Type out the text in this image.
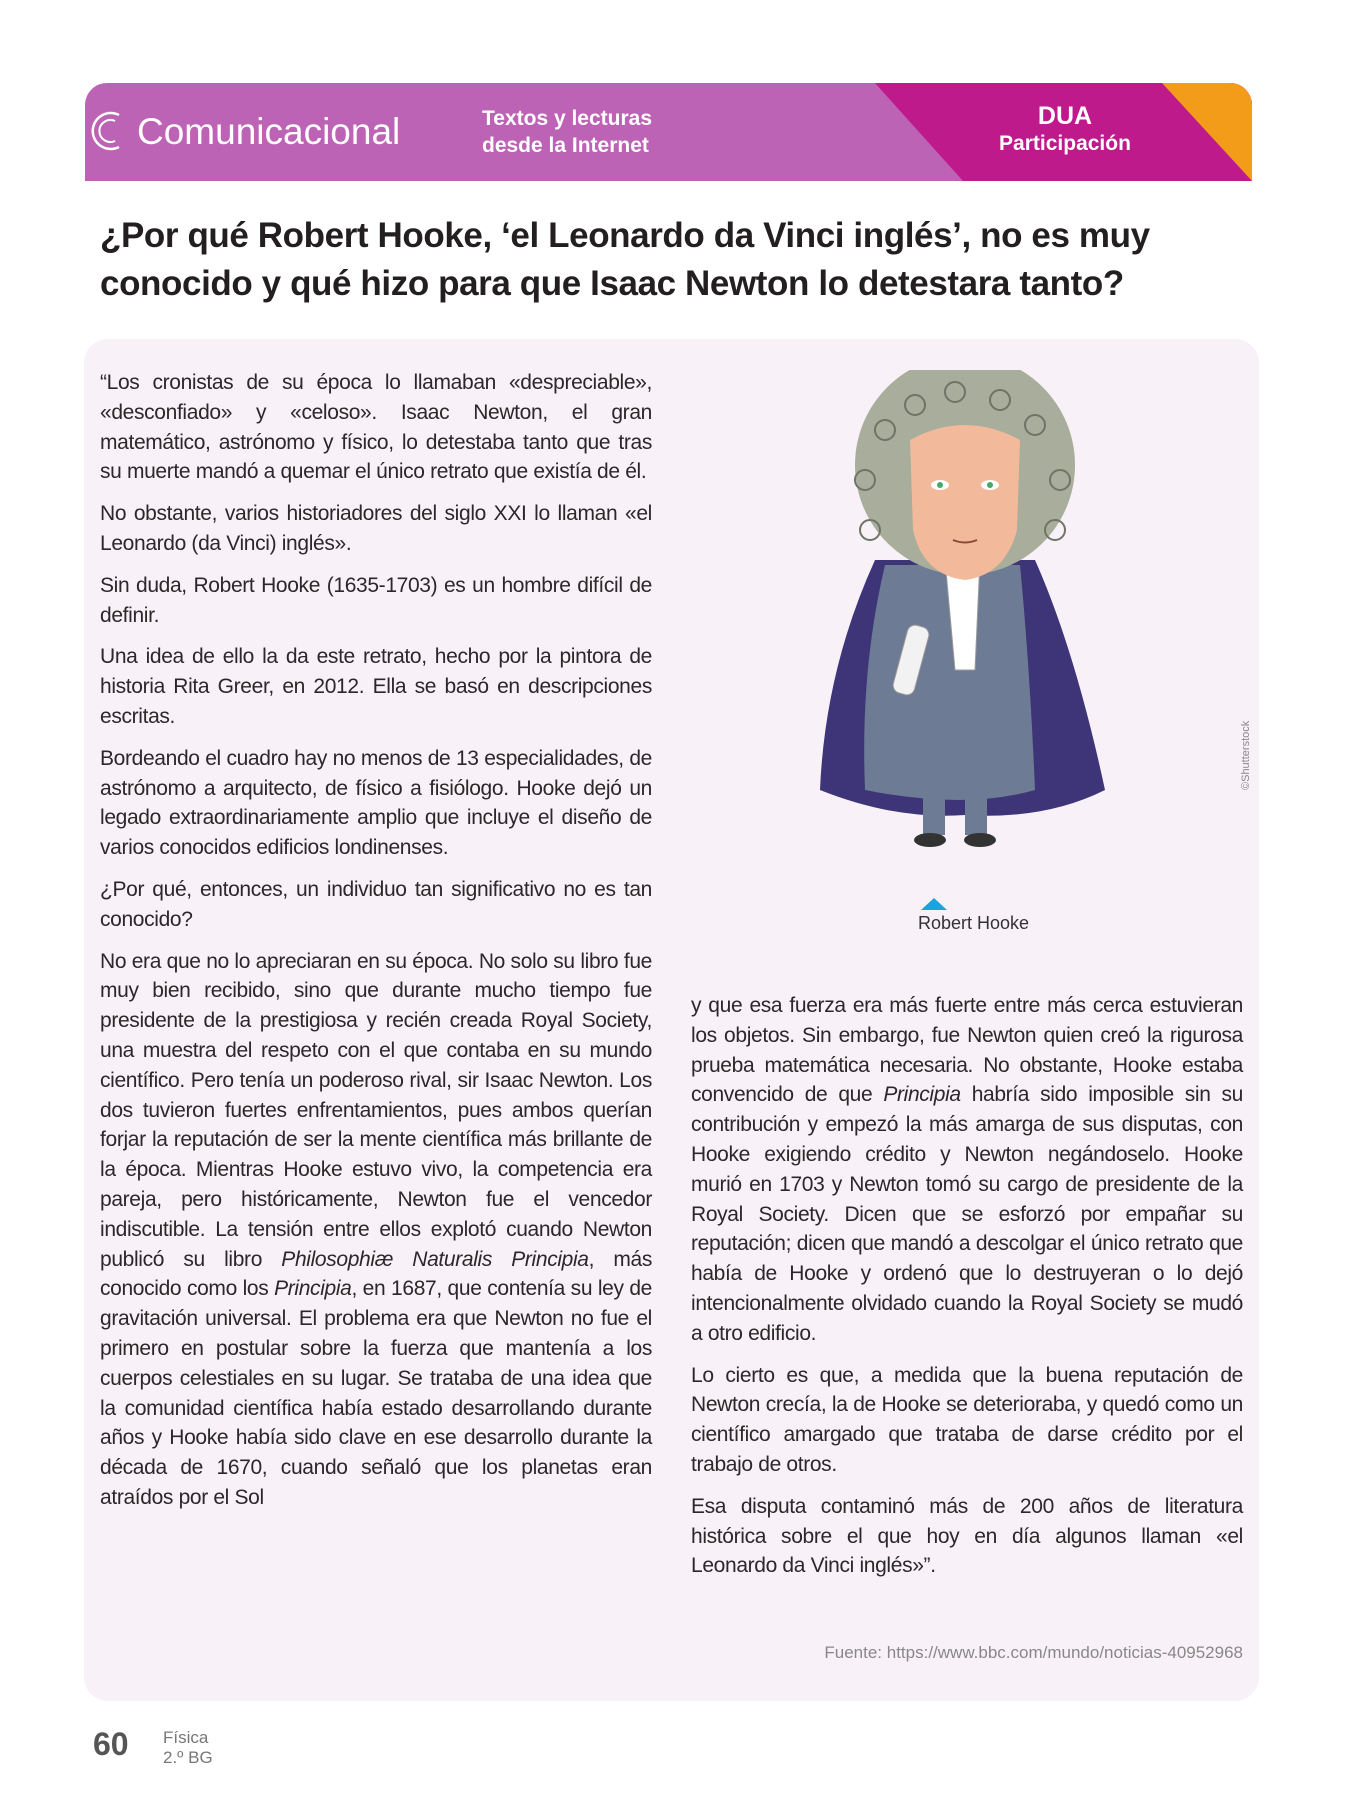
Comunicacional	Textos y lecturas
desde la Internet
DUA
Participación
¿Por qué Robert Hooke, ‘el Leonardo da Vinci inglés’, no es muy conocido y qué hizo para que Isaac Newton lo detestara tanto?

“Los cronistas de su época lo llamaban «despreciable», «desconfiado» y «celoso». Isaac Newton, el gran matemático, astrónomo y físico, lo detestaba tanto que tras su muerte mandó a quemar el único retrato que existía de él.

No obstante, varios historiadores del siglo XXI lo llaman «el Leonardo (da Vinci) inglés».

Sin duda, Robert Hooke (1635-1703) es un hombre difícil de definir.

Una idea de ello la da este retrato, hecho por la pintora de historia Rita Greer, en 2012. Ella se basó en descripciones escritas.

Bordeando el cuadro hay no menos de 13 especialidades, de astrónomo a arquitecto, de físico a fisiólogo. Hooke dejó un legado extraordinariamente amplio que incluye el diseño de varios conocidos edificios londinenses.

¿Por qué, entonces, un individuo tan significativo no es tan conocido?

No era que no lo apreciaran en su época. No solo su libro fue muy bien recibido, sino que durante mucho tiempo fue presidente de la prestigiosa y recién creada Royal Society, una muestra del respeto con el que contaba en su mundo científico. Pero tenía un poderoso rival, sir Isaac Newton. Los dos tuvieron fuertes enfrentamientos, pues ambos querían forjar la reputación de ser la mente científica más brillante de la época. Mientras Hooke estuvo vivo, la competencia era pareja, pero históricamente, Newton fue el vencedor indiscutible. La tensión entre ellos explotó cuando Newton publicó su libro Philosophiæ Naturalis Principia, más conocido como los Principia, en 1687, que contenía su ley de gravitación universal. El problema era que Newton no fue el primero en postular sobre la fuerza que mantenía a los cuerpos celestiales en su lugar. Se trataba de una idea que la comunidad científica había estado desarrollando durante años y Hooke había sido clave en ese desarrollo durante la década de 1670, cuando señaló que los planetas eran atraídos por el Sol

©Shutterstock
Robert Hooke

y que esa fuerza era más fuerte entre más cerca estuvieran los objetos. Sin embargo, fue Newton quien creó la rigurosa prueba matemática necesaria. No obstante, Hooke estaba convencido de que Principia habría sido imposible sin su contribución y empezó la más amarga de sus disputas, con Hooke exigiendo crédito y Newton negándoselo. Hooke murió en 1703 y Newton tomó su cargo de presidente de la Royal Society. Dicen que se esforzó por empañar su reputación; dicen que mandó a descolgar el único retrato que había de Hooke y ordenó que lo destruyeran o lo dejó intencionalmente olvidado cuando la Royal Society se mudó a otro edificio.

Lo cierto es que, a medida que la buena reputación de Newton crecía, la de Hooke se deterioraba, y quedó como un científico amargado que trataba de darse crédito por el trabajo de otros.

Esa disputa contaminó más de 200 años de literatura histórica sobre el que hoy en día algunos llaman «el Leonardo da Vinci inglés»”.

Fuente: https://www.bbc.com/mundo/noticias-40952968
60 Física
2.º BG
